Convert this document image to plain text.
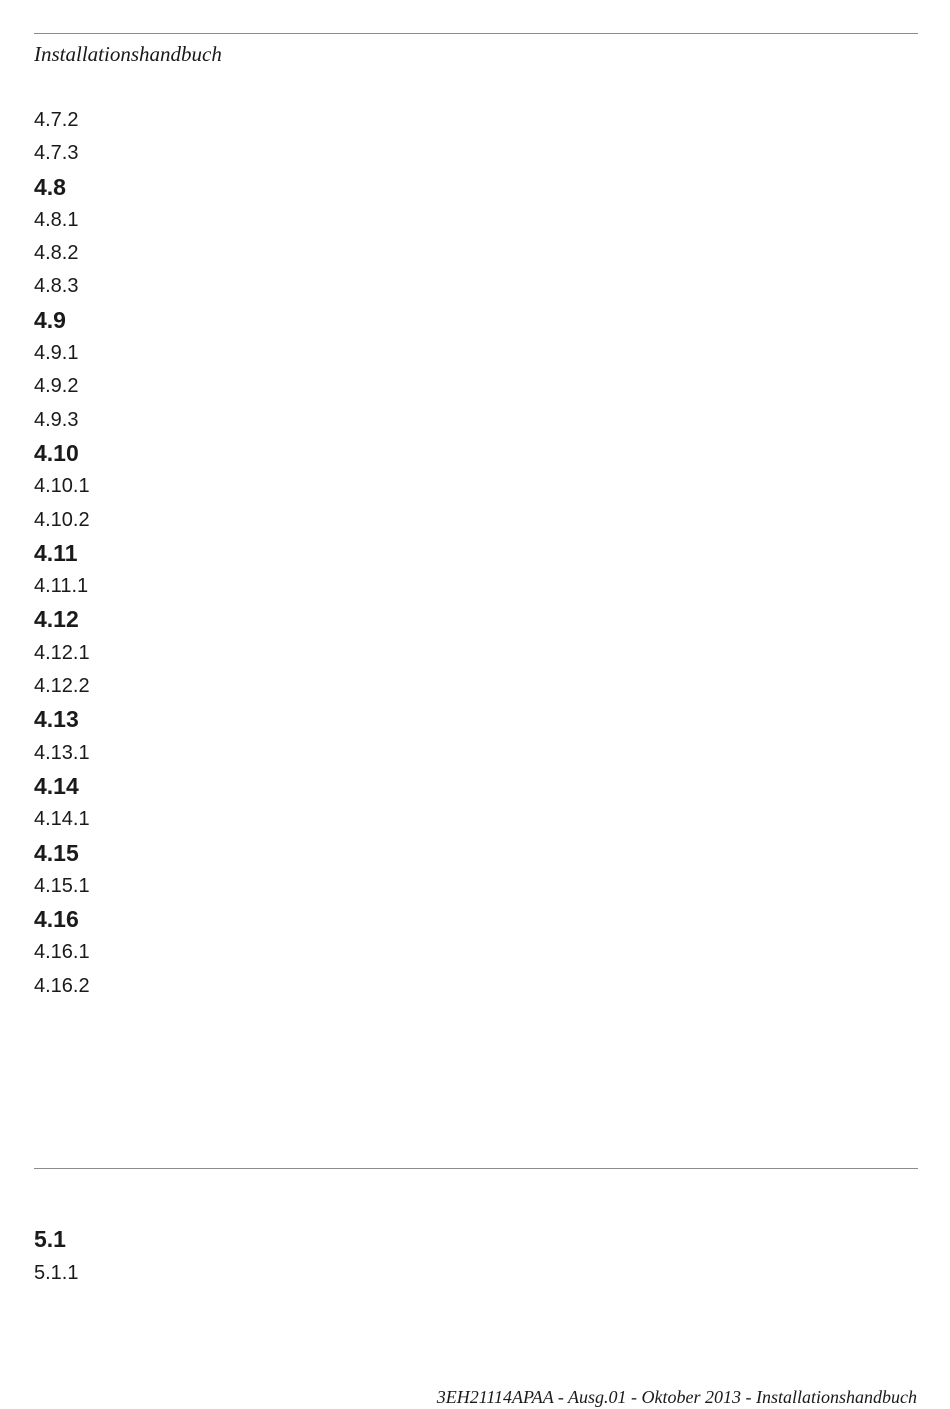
Installationshandbuch
4.7.2
4.7.3
4.8
4.8.1
4.8.2
4.8.3
4.9
4.9.1
4.9.2
4.9.3
4.10
4.10.1
4.10.2
4.11
4.11.1
4.12
4.12.1
4.12.2
4.13
4.13.1
4.14
4.14.1
4.15
4.15.1
4.16
4.16.1
4.16.2
5.1
5.1.1
3EH21114APAA - Ausg.01 - Oktober 2013 - Installationshandbuch
